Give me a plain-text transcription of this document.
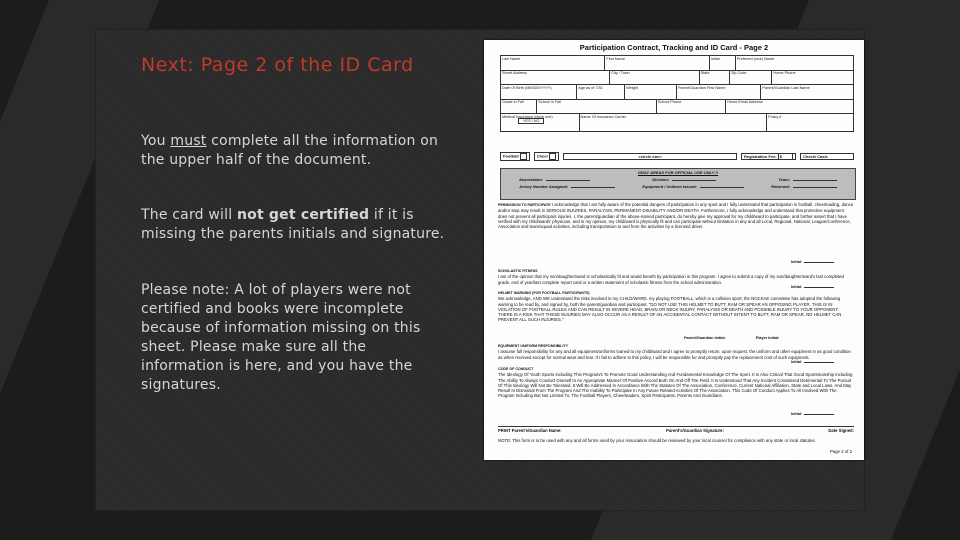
Next: Page 2 of the ID Card

You must complete all the information on the upper half of the document.

The card will not get certified if it is missing the parents initials and signature.

Please note: A lot of players were not certified and books were incomplete because of information missing on this sheet. Please make sure all the information is here, and you have the signatures.

Participation Contract, Tracking and ID Card - Page 2
Last Name	First Name	Initial	Preferred (nick) Name
Street Address	City / Town	State	Zip Code	Home Phone
Date Of Birth (MM/DD/YYYY)	Age as of 7/31	Weight	Parent/Guardian First Name	Parent/Guardian Last Name
Grade in Fall	School in Fall	School Phone	Home Email Address
Medical Insurance (circle one)
YES / NO
Name Of Insurance Carrier	Policy #
Football	Cheer	<circle one>	Registration Fee: $	Check/ Cash:
GRAY AREAS FOR OFFICIAL USE ONLY !!
Association:	Division:	Team:
Jersey Number Assigned:	Equipment / Uniform Issued:	Returned:

PERMISSION TO PARTICIPATE I acknowledge that I am fully aware of the potential dangers of participation in any sport and I fully understand that participation in football, cheerleading, dance and/or step may result in SERIOUS INJURIES, PARALYSIS, PERMANENT DISABILITY AND/OR DEATH. Furthermore, I fully acknowledge and understand that protective equipment does not prevent all participant injuries. I, the parent/guardian of the above-named participant, do hereby give my approval for my child/ward to participate, and further assert that I have verified with my child/wards' physician, and in my opinion, my child/ward is physically fit and can participate without limitation in any and all Local, Regional, National, League/Conference, Association and team/squad activities, including transportation to and from the activities by a licensed driver.

Initial:

SCHOLASTIC FITNESS
I am of the opinion that my son/daughter/ward is scholastically fit and would benefit by participation in this program. I agree to submit a copy of my son/daughter/ward's last completed grade, end of year/last complete report card or a written statement of scholastic fitness from the school administration.

Initial:

HELMET WARNING (FOR FOOTBALL PARTICIPANTS)
We acknowledge, AND WE understand the risks involved in my CHILD/WARD. my playing FOOTBALL, which is a collision sport; the NOCSAE committee has adopted the following warning to be read by, and signed by, both the parent/guardian and participant. "DO NOT USE THIS HELMET TO BUTT, RAM OR SPEAR AN OPPOSING PLAYER. THIS IS IN VIOLATION OF FOOTBALL RULES AND CAN RESULT IN SEVERE HEAD, BRAIN OR NECK INJURY, PARALYSIS OR DEATH AND POSSIBLE INJURY TO YOUR OPPONENT. THERE IS A RISK THAT THESE INJURIES MAY ALSO OCCUR AS A RESULT OF AN ACCIDENTAL CONTACT WITHOUT INTENT TO BUTT, RAM OR SPEAR. NO HELMET CAN PREVENT ALL SUCH INJURIES."

Parent/Guardian Initial:	Player Initial:

EQUIPMENT UNIFORM RESPONSIBILITY
I assume full responsibility for any and all equipment/uniforms loaned to my child/ward and I agree to promptly return, upon request, the uniform and other equipment in as good condition as when received except for normal wear and tear. If I fail to adhere to this policy, I will be responsible for and promptly pay the replacement cost of such equipment.

Initial:

CODE OF CONDUCT
The Ideology Of Youth Sports Including This Program/s To Promote Good Understanding And Fundamental Knowledge Of The Sport. It Is Also Critical That Good Sportsmanship Including The Ability To Always Conduct Oneself In An Appropriate Manner Of Positive Accord Both On And Off The Field. It Is Understood That Any Incident Considered Detrimental To The Pursuit Of This Ideology Will Not Be Tolerated. It Will Be Addressed In Accordance With The Statutes Of The Association, Conference, Current National Affiliation, State and Local Laws. And May Result In Dismissal From The Program And The Inability To Participate In Any Future Related Activities Of The Association. This Code Of Conduct Applies To All Involved With The Program Including But Not Limited To, The Football Players, Cheerleaders, Spirit Participants, Parents And Guardians.

Initial:
PRINT Parent's/Guardian Name:	Parent's/Guardian Signature:	Date Signed:

NOTE: This form is to be used with any and all forms used by your Association should be reviewed by your local counsel for compliance with any state or local statutes.

Page 2 of 2
